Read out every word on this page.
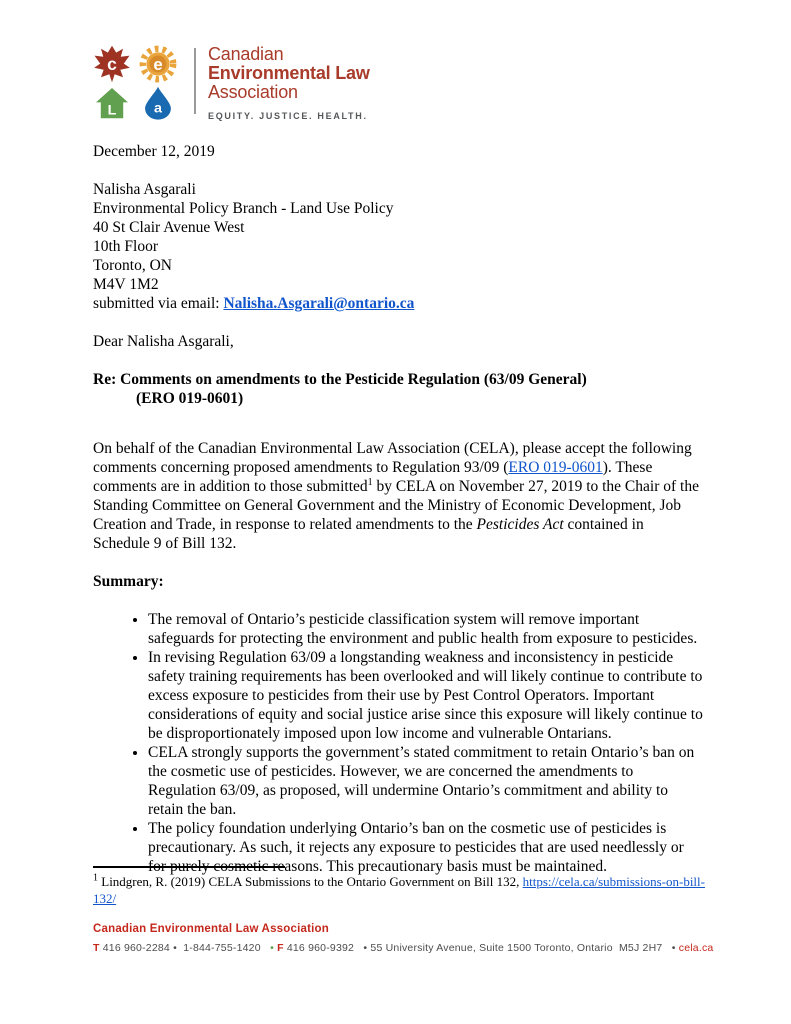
c e
L a
Canadian
Environmental Law
Association
EQUITY. JUSTICE. HEALTH.

December 12, 2019

Nalisha Asgarali

Environmental Policy Branch - Land Use Policy

40 St Clair Avenue West

10th Floor

Toronto, ON

M4V 1M2

submitted via email: Nalisha.Asgarali@ontario.ca

Dear Nalisha Asgarali,

Re: Comments on amendments to the Pesticide Regulation (63/09 General)
(ERO 019-0601)

On behalf of the Canadian Environmental Law Association (CELA), please accept the following comments concerning proposed amendments to Regulation 93/09 (ERO 019-0601). These comments are in addition to those submitted$^1$ by CELA on November 27, 2019 to the Chair of the Standing Committee on General Government and the Ministry of Economic Development, Job Creation and Trade, in response to related amendments to the Pesticides Act contained in Schedule 9 of Bill 132.

Summary:

• The removal of Ontario’s pesticide classification system will remove important safeguards for protecting the environment and public health from exposure to pesticides.
• In revising Regulation 63/09 a longstanding weakness and inconsistency in pesticide safety training requirements has been overlooked and will likely continue to contribute to excess exposure to pesticides from their use by Pest Control Operators. Important considerations of equity and social justice arise since this exposure will likely continue to be disproportionately imposed upon low income and vulnerable Ontarians.
• CELA strongly supports the government’s stated commitment to retain Ontario’s ban on the cosmetic use of pesticides. However, we are concerned the amendments to Regulation 63/09, as proposed, will undermine Ontario’s commitment and ability to retain the ban.
• The policy foundation underlying Ontario’s ban on the cosmetic use of pesticides is precautionary. As such, it rejects any exposure to pesticides that are used needlessly or for purely cosmetic reasons. This precautionary basis must be maintained.
$^1$ Lindgren, R. (2019) CELA Submissions to the Ontario Government on Bill 132, https://cela.ca/submissions-on-bill-132/
Canadian Environmental Law Association
T 416 960-2284 •  1-844-755-1420   • F 416 960-9392   • 55 University Avenue, Suite 1500 Toronto, Ontario  M5J 2H7   • cela.ca
